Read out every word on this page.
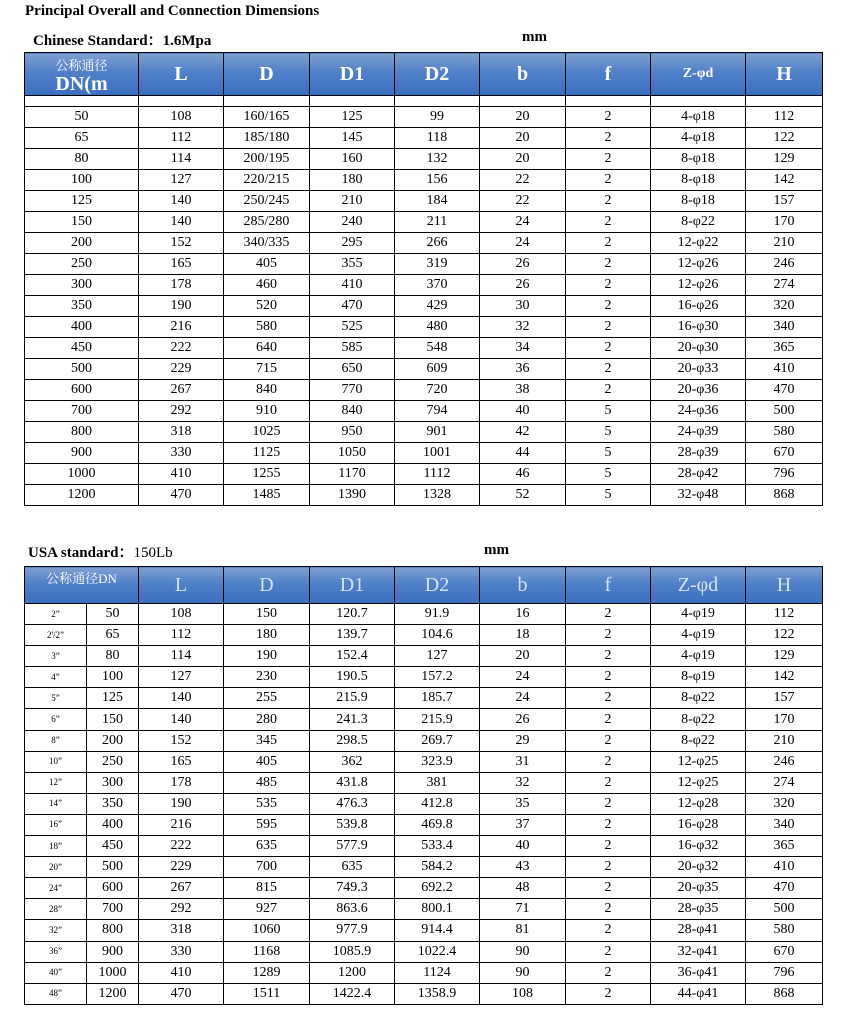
Principal Overall and Connection Dimensions
Chinese Standard：1.6Mpa	mm
公称通径
DN(m	L	D	D1	D2	b	f	Z-φd	H

50	108	160/165	125	99	20	2	4-φ18	112
65	112	185/180	145	118	20	2	4-φ18	122
80	114	200/195	160	132	20	2	8-φ18	129
100	127	220/215	180	156	22	2	8-φ18	142
125	140	250/245	210	184	22	2	8-φ18	157
150	140	285/280	240	211	24	2	8-φ22	170
200	152	340/335	295	266	24	2	12-φ22	210
250	165	405	355	319	26	2	12-φ26	246
300	178	460	410	370	26	2	12-φ26	274
350	190	520	470	429	30	2	16-φ26	320
400	216	580	525	480	32	2	16-φ30	340
450	222	640	585	548	34	2	20-φ30	365
500	229	715	650	609	36	2	20-φ33	410
600	267	840	770	720	38	2	20-φ36	470
700	292	910	840	794	40	5	24-φ36	500
800	318	1025	950	901	42	5	24-φ39	580
900	330	1125	1050	1001	44	5	28-φ39	670
1000	410	1255	1170	1112	46	5	28-φ42	796
1200	470	1485	1390	1328	52	5	32-φ48	868
USA standard：150Lb	mm
公称通径DN		L	D	D1	D2	b	f	Z-φd	H
2”	50	108	150	120.7	91.9	16	2	4-φ19	112
2'/2”	65	112	180	139.7	104.6	18	2	4-φ19	122
3”	80	114	190	152.4	127	20	2	4-φ19	129
4”	100	127	230	190.5	157.2	24	2	8-φ19	142
5”	125	140	255	215.9	185.7	24	2	8-φ22	157
6”	150	140	280	241.3	215.9	26	2	8-φ22	170
8”	200	152	345	298.5	269.7	29	2	8-φ22	210
10”	250	165	405	362	323.9	31	2	12-φ25	246
12”	300	178	485	431.8	381	32	2	12-φ25	274
14”	350	190	535	476.3	412.8	35	2	12-φ28	320
16”	400	216	595	539.8	469.8	37	2	16-φ28	340
18”	450	222	635	577.9	533.4	40	2	16-φ32	365
20”	500	229	700	635	584.2	43	2	20-φ32	410
24”	600	267	815	749.3	692.2	48	2	20-φ35	470
28”	700	292	927	863.6	800.1	71	2	28-φ35	500
32”	800	318	1060	977.9	914.4	81	2	28-φ41	580
36”	900	330	1168	1085.9	1022.4	90	2	32-φ41	670
40”	1000	410	1289	1200	1124	90	2	36-φ41	796
48”	1200	470	1511	1422.4	1358.9	108	2	44-φ41	868
